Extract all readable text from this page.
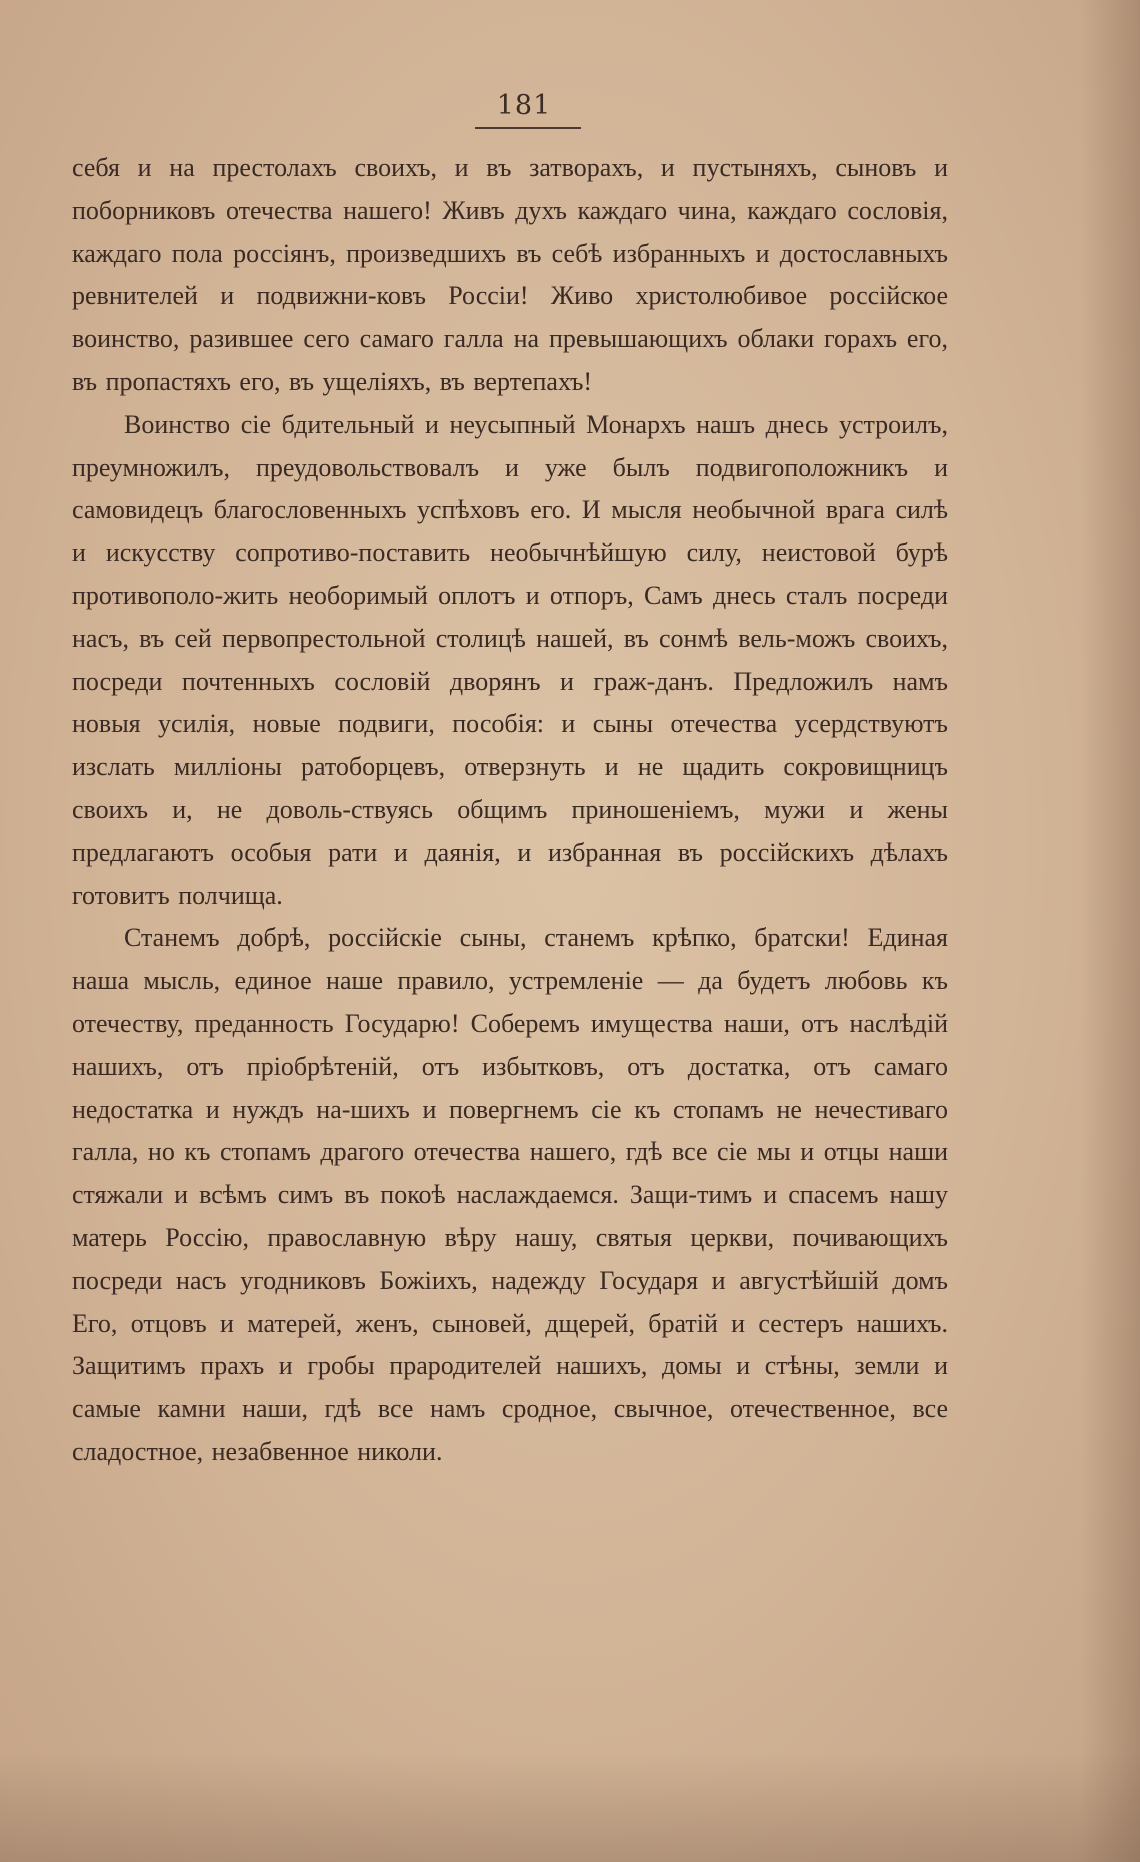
181

себя и на престолахъ своихъ, и въ затворахъ, и пустыняхъ, сыновъ и поборниковъ отечества нашего! Живъ духъ каждаго чина, каждаго сословія, каждаго пола россіянъ, произведшихъ въ себѣ избранныхъ и достославныхъ ревнителей и подвижни-ковъ Россіи! Живо христолюбивое россійское воинство, разившее сего самаго галла на превышающихъ облаки горахъ его, въ пропастяхъ его, въ ущеліяхъ, въ вертепахъ!

Воинство сіе бдительный и неусыпный Монархъ нашъ днесь устроилъ, преумножилъ, преудовольствовалъ и уже былъ подвигоположникъ и самовидецъ благословенныхъ успѣховъ его. И мысля необычной врага силѣ и искусству сопротиво-поставить необычнѣйшую силу, неистовой бурѣ противополо-жить необоримый оплотъ и отпоръ, Самъ днесь сталъ посреди насъ, въ сей первопрестольной столицѣ нашей, въ сонмѣ вель-можъ своихъ, посреди почтенныхъ сословій дворянъ и граж-данъ. Предложилъ намъ новыя усилія, новые подвиги, пособія: и сыны отечества усердствуютъ изслать милліоны ратоборцевъ, отверзнуть и не щадить сокровищницъ своихъ и, не доволь-ствуясь общимъ приношеніемъ, мужи и жены предлагаютъ особыя рати и даянія, и избранная въ россійскихъ дѣлахъ готовитъ полчища.

Станемъ добрѣ, россійскіе сыны, станемъ крѣпко, братски! Единая наша мысль, единое наше правило, устремленіе — да будетъ любовь къ отечеству, преданность Государю! Соберемъ имущества наши, отъ наслѣдій нашихъ, отъ пріобрѣтеній, отъ избытковъ, отъ достатка, отъ самаго недостатка и нуждъ на-шихъ и повергнемъ сіе къ стопамъ не нечестиваго галла, но къ стопамъ драгого отечества нашего, гдѣ все сіе мы и отцы наши стяжали и всѣмъ симъ въ покоѣ наслаждаемся. Защи-тимъ и спасемъ нашу матерь Россію, православную вѣру нашу, святыя церкви, почивающихъ посреди насъ угодниковъ Божіихъ, надежду Государя и августѣйшій домъ Его, отцовъ и матерей, женъ, сыновей, дщерей, братій и сестеръ нашихъ. Защитимъ прахъ и гробы прародителей нашихъ, домы и стѣны, земли и самые камни наши, гдѣ все намъ сродное, свычное, отечественное, все сладостное, незабвенное николи.
